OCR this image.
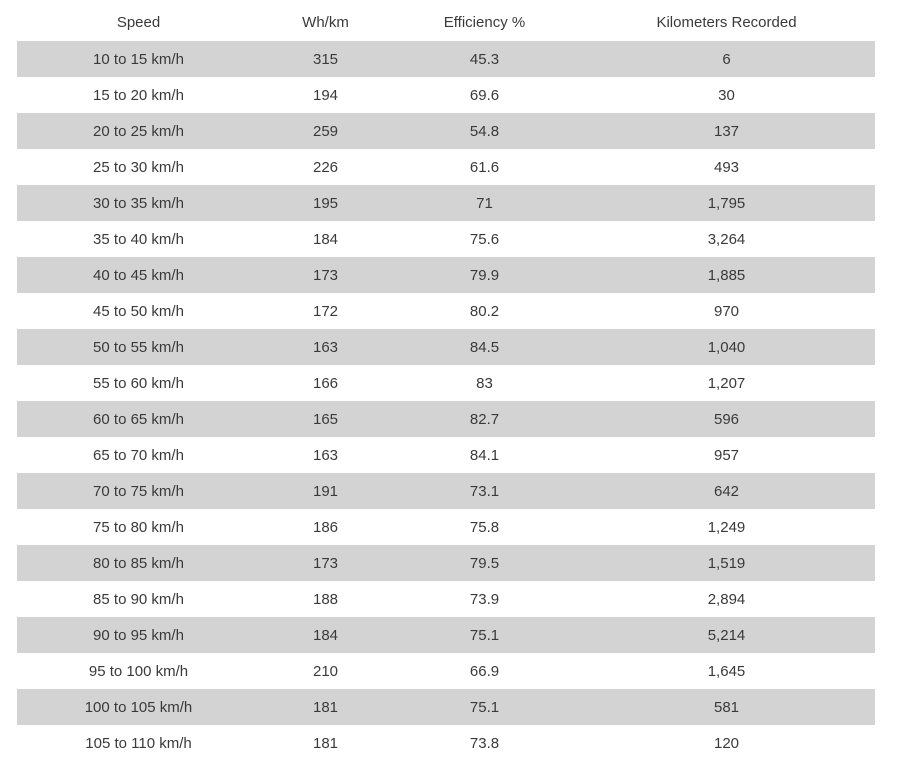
Speed	Wh/km	Efficiency %	Kilometers Recorded
10 to 15 km/h	315	45.3	6
15 to 20 km/h	194	69.6	30
20 to 25 km/h	259	54.8	137
25 to 30 km/h	226	61.6	493
30 to 35 km/h	195	71	1,795
35 to 40 km/h	184	75.6	3,264
40 to 45 km/h	173	79.9	1,885
45 to 50 km/h	172	80.2	970
50 to 55 km/h	163	84.5	1,040
55 to 60 km/h	166	83	1,207
60 to 65 km/h	165	82.7	596
65 to 70 km/h	163	84.1	957
70 to 75 km/h	191	73.1	642
75 to 80 km/h	186	75.8	1,249
80 to 85 km/h	173	79.5	1,519
85 to 90 km/h	188	73.9	2,894
90 to 95 km/h	184	75.1	5,214
95 to 100 km/h	210	66.9	1,645
100 to 105 km/h	181	75.1	581
105 to 110 km/h	181	73.8	120
